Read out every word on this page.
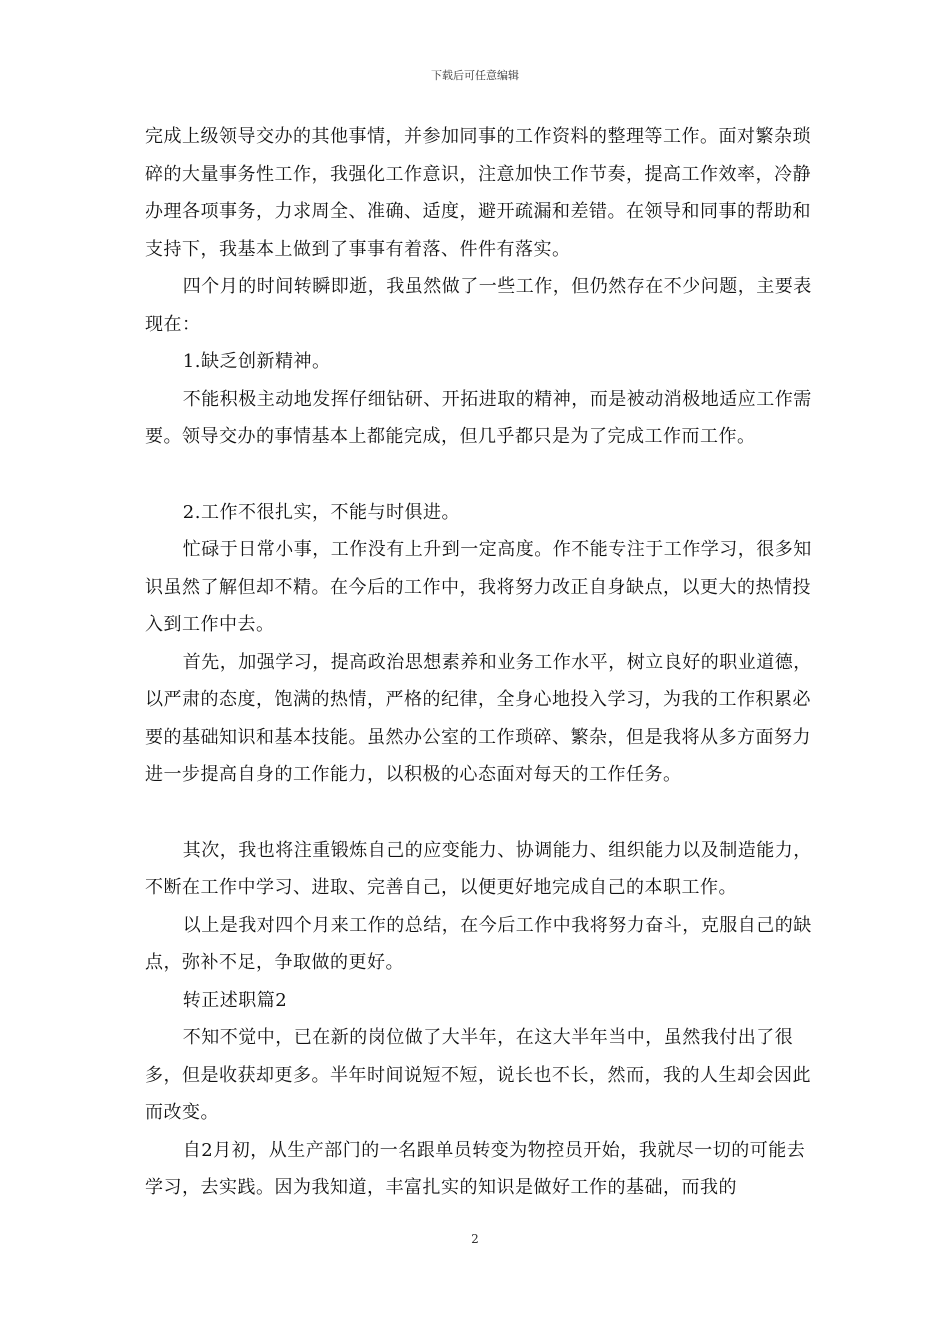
下载后可任意编辑

完成上级领导交办的其他事情，并参加同事的工作资料的整理等工作。面对繁杂琐碎的大量事务性工作，我强化工作意识，注意加快工作节奏，提高工作效率，冷静办理各项事务，力求周全、准确、适度，避开疏漏和差错。在领导和同事的帮助和支持下，我基本上做到了事事有着落、件件有落实。

四个月的时间转瞬即逝，我虽然做了一些工作，但仍然存在不少问题，主要表现在：

1.缺乏创新精神。

不能积极主动地发挥仔细钻研、开拓进取的精神，而是被动消极地适应工作需要。领导交办的事情基本上都能完成，但几乎都只是为了完成工作而工作。

2.工作不很扎实，不能与时俱进。

忙碌于日常小事，工作没有上升到一定高度。作不能专注于工作学习，很多知识虽然了解但却不精。在今后的工作中，我将努力改正自身缺点，以更大的热情投入到工作中去。

首先，加强学习，提高政治思想素养和业务工作水平，树立良好的职业道德，以严肃的态度，饱满的热情，严格的纪律，全身心地投入学习，为我的工作积累必要的基础知识和基本技能。虽然办公室的工作琐碎、繁杂，但是我将从多方面努力进一步提高自身的工作能力，以积极的心态面对每天的工作任务。

其次，我也将注重锻炼自己的应变能力、协调能力、组织能力以及制造能力，不断在工作中学习、进取、完善自己，以便更好地完成自己的本职工作。

以上是我对四个月来工作的总结，在今后工作中我将努力奋斗，克服自己的缺点，弥补不足，争取做的更好。

转正述职篇2

不知不觉中，已在新的岗位做了大半年，在这大半年当中，虽然我付出了很多，但是收获却更多。半年时间说短不短，说长也不长，然而，我的人生却会因此而改变。

自2月初，从生产部门的一名跟单员转变为物控员开始，我就尽一切的可能去学习，去实践。因为我知道，丰富扎实的知识是做好工作的基础，而我的

2
